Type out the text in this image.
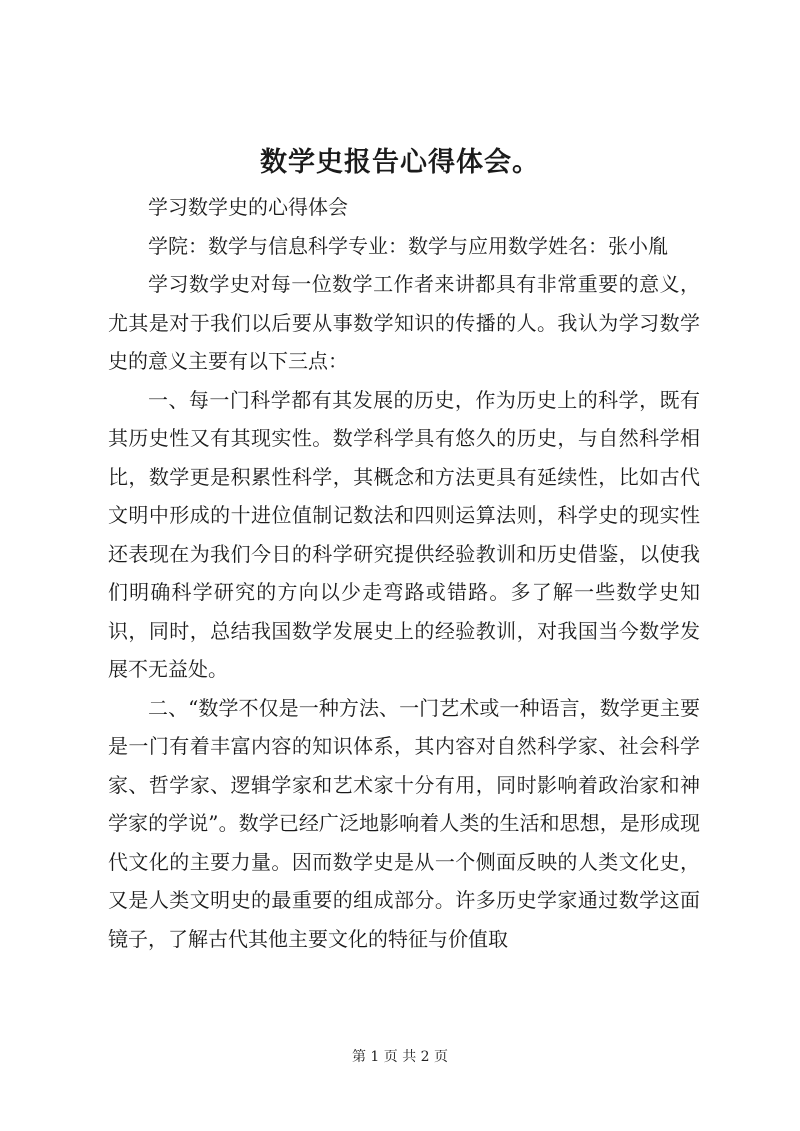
数学史报告心得体会。

学习数学史的心得体会

学院：数学与信息科学专业：数学与应用数学姓名：张小胤

学习数学史对每一位数学工作者来讲都具有非常重要的意义，尤其是对于我们以后要从事数学知识的传播的人。我认为学习数学史的意义主要有以下三点：

一、每一门科学都有其发展的历史，作为历史上的科学，既有其历史性又有其现实性。数学科学具有悠久的历史，与自然科学相比，数学更是积累性科学，其概念和方法更具有延续性，比如古代文明中形成的十进位值制记数法和四则运算法则，科学史的现实性还表现在为我们今日的科学研究提供经验教训和历史借鉴，以使我们明确科学研究的方向以少走弯路或错路。多了解一些数学史知识，同时，总结我国数学发展史上的经验教训，对我国当今数学发展不无益处。

二、“数学不仅是一种方法、一门艺术或一种语言，数学更主要是一门有着丰富内容的知识体系，其内容对自然科学家、社会科学家、哲学家、逻辑学家和艺术家十分有用，同时影响着政治家和神学家的学说”。数学已经广泛地影响着人类的生活和思想，是形成现代文化的主要力量。因而数学史是从一个侧面反映的人类文化史，又是人类文明史的最重要的组成部分。许多历史学家通过数学这面镜子，了解古代其他主要文化的特征与价值取

第 1 页 共 2 页
